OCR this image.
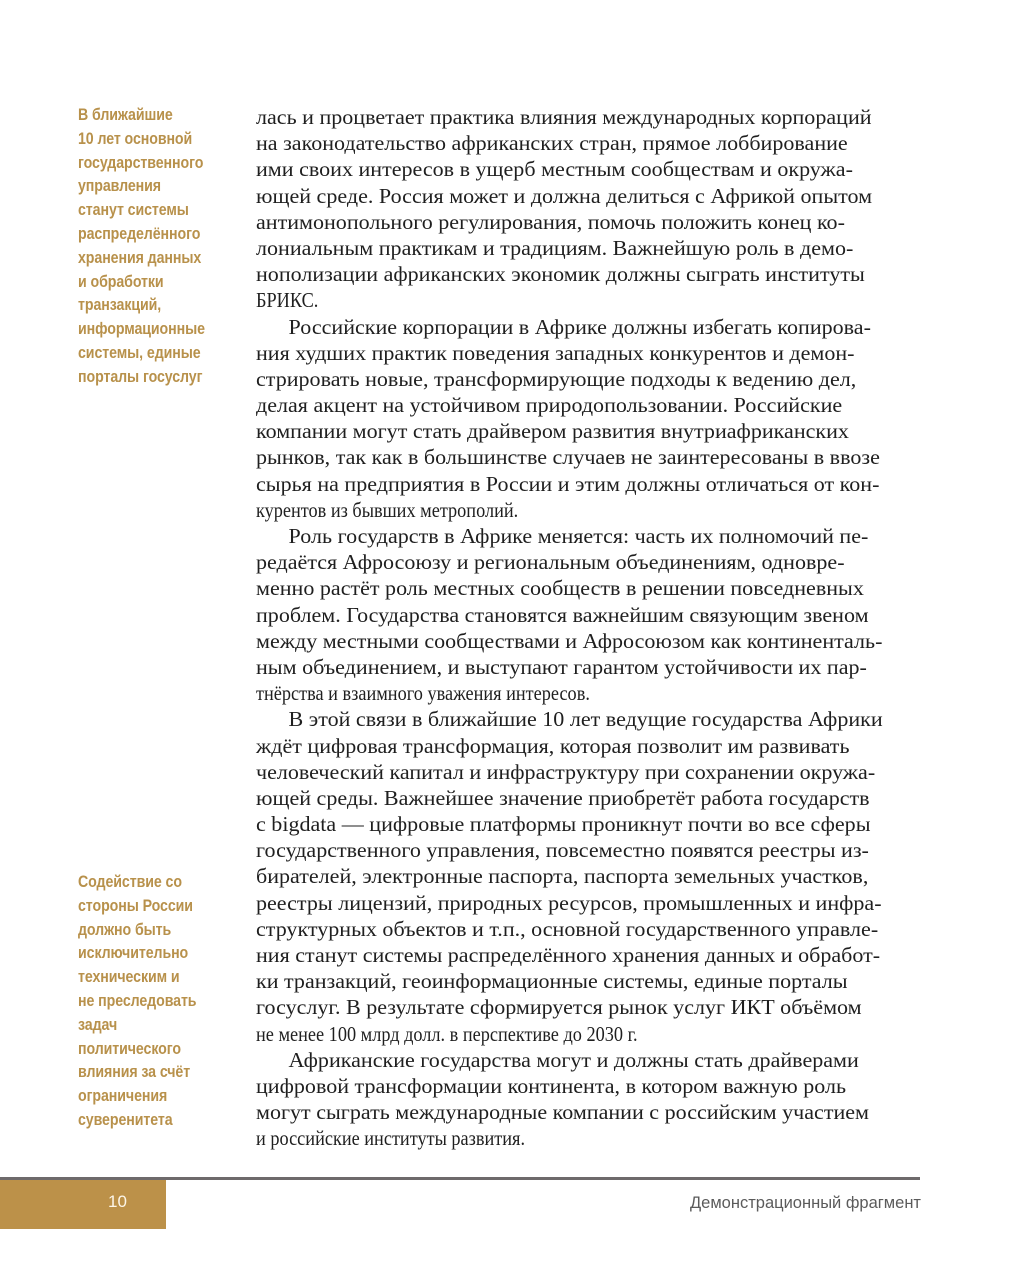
В ближайшие
10 лет основной
государственного
управления
станут системы
распределённого
хранения данных
и обработки
транзакций,
информационные
системы, единые
порталы госуслуг
Содействие со
стороны России
должно быть
исключительно
техническим и
не преследовать
задач
политического
влияния за счёт
ограничения
суверенитета
лась и процветает практика влияния международных корпораций
на законодательство африканских стран, прямое лоббирование
ими своих интересов в ущерб местным сообществам и окружа-
ющей среде. Россия может и должна делиться с Африкой опытом
антимонопольного регулирования, помочь положить конец ко-
лониальным практикам и традициям. Важнейшую роль в демо-
нополизации африканских экономик должны сыграть институты
БРИКС.
Российские корпорации в Африке должны избегать копирова-
ния худших практик поведения западных конкурентов и демон-
стрировать новые, трансформирующие подходы к ведению дел,
делая акцент на устойчивом природопользовании. Российские
компании могут стать драйвером развития внутриафриканских
рынков, так как в большинстве случаев не заинтересованы в ввозе
сырья на предприятия в России и этим должны отличаться от кон-
курентов из бывших метрополий.
Роль государств в Африке меняется: часть их полномочий пе-
редаётся Афросоюзу и региональным объединениям, одновре-
менно растёт роль местных сообществ в решении повседневных
проблем. Государства становятся важнейшим связующим звеном
между местными сообществами и Афросоюзом как континенталь-
ным объединением, и выступают гарантом устойчивости их пар-
тнёрства и взаимного уважения интересов.
В этой связи в ближайшие 10 лет ведущие государства Африки
ждёт цифровая трансформация, которая позволит им развивать
человеческий капитал и инфраструктуру при сохранении окружа-
ющей среды. Важнейшее значение приобретёт работа государств
с bigdata — цифровые платформы проникнут почти во все сферы
государственного управления, повсеместно появятся реестры из-
бирателей, электронные паспорта, паспорта земельных участков,
реестры лицензий, природных ресурсов, промышленных и инфра-
структурных объектов и т.п., основной государственного управле-
ния станут системы распределённого хранения данных и обработ-
ки транзакций, геоинформационные системы, единые порталы
госуслуг. В результате сформируется рынок услуг ИКТ объёмом
не менее 100 млрд долл. в перспективе до 2030 г.
Африканские государства могут и должны стать драйверами
цифровой трансформации континента, в котором важную роль
могут сыграть международные компании с российским участием
и российские институты развития.
10	Демонстрационный фрагмент
